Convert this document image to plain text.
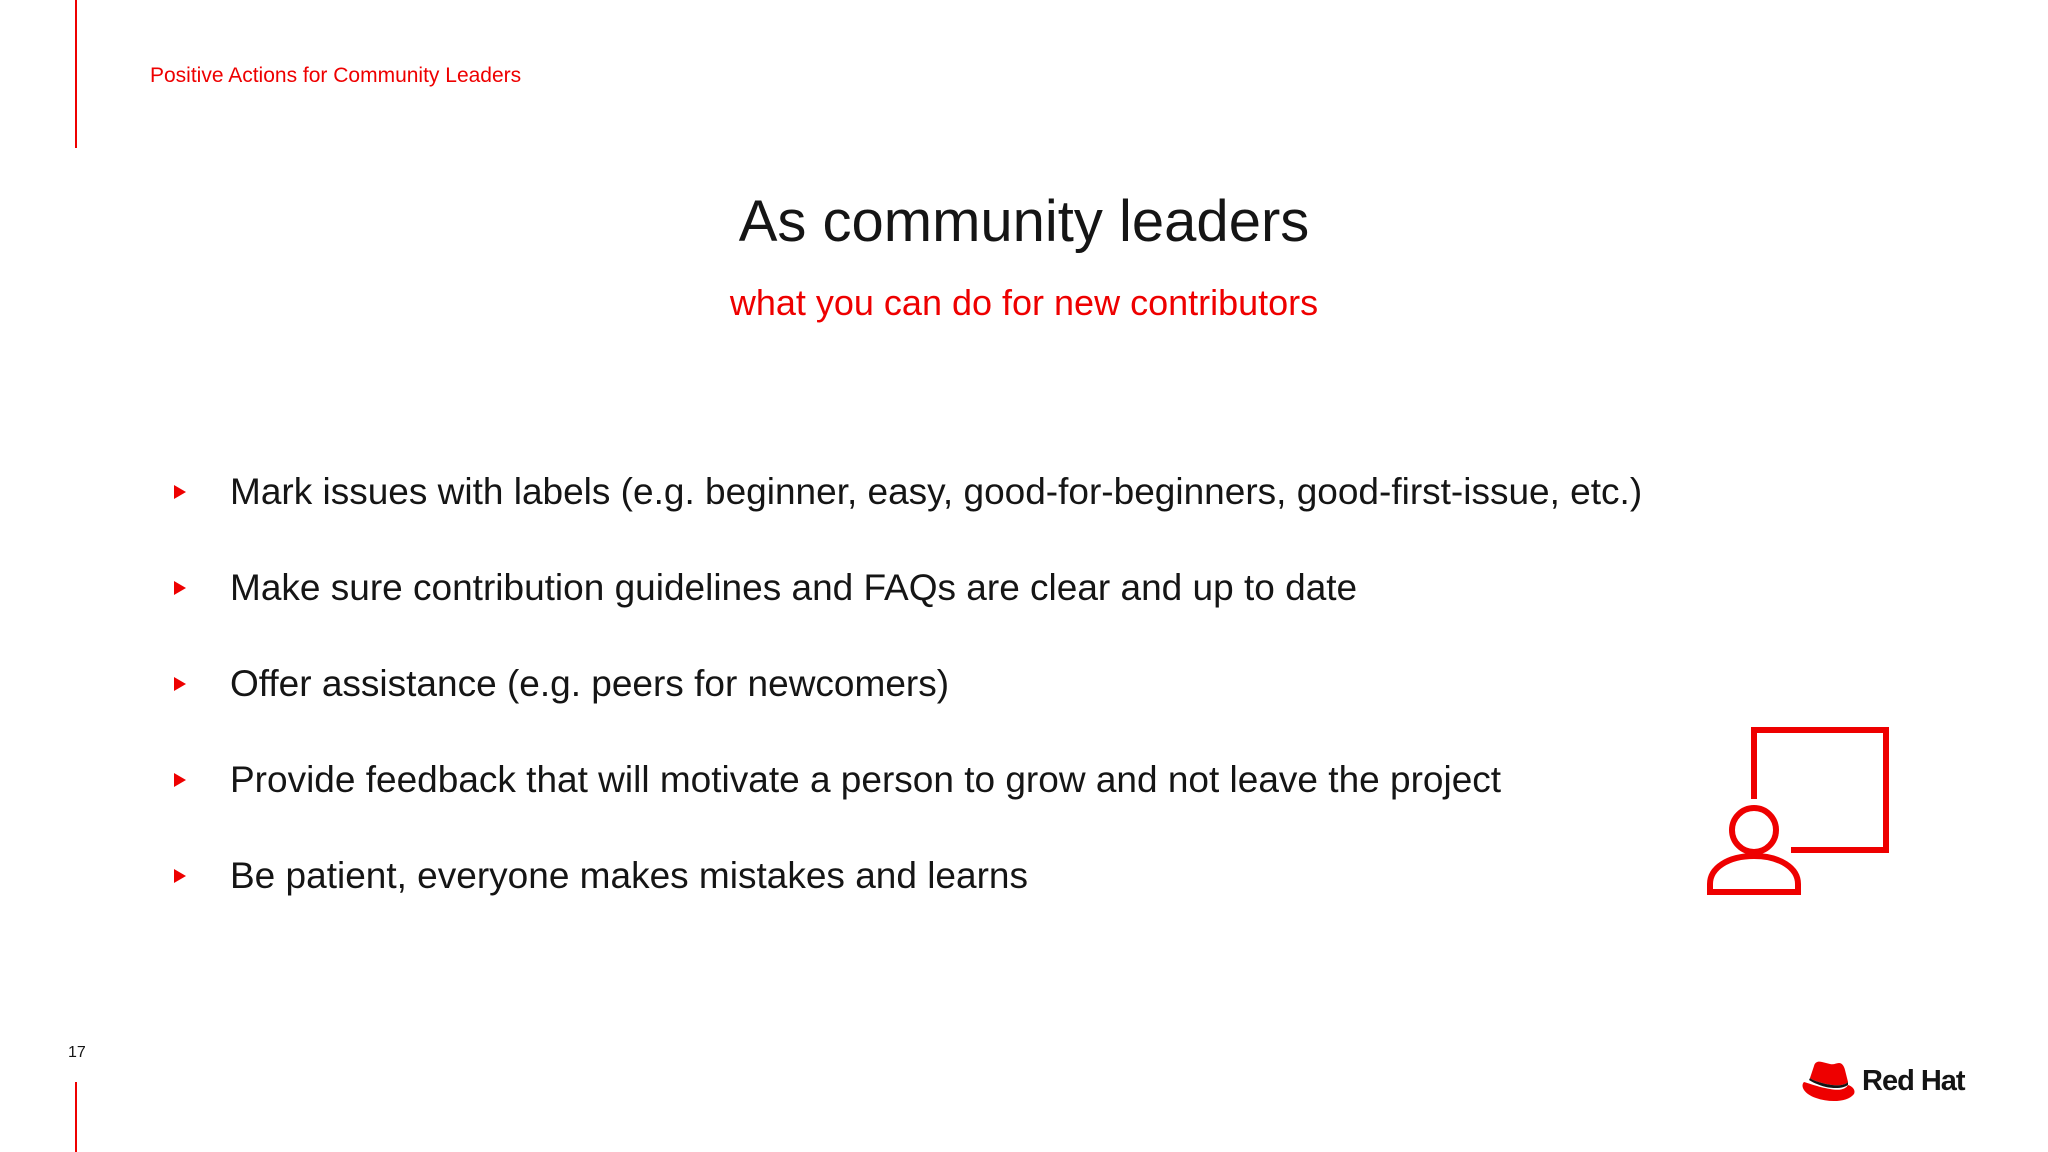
Positive Actions for Community Leaders
As community leaders
what you can do for new contributors
Mark issues with labels (e.g. beginner, easy, good-for-beginners, good-first-issue, etc.)
Make sure contribution guidelines and FAQs are clear and up to date
Offer assistance (e.g. peers for newcomers)
Provide feedback that will motivate a person to grow and not leave the project
Be patient, everyone makes mistakes and learns
17
Red Hat
